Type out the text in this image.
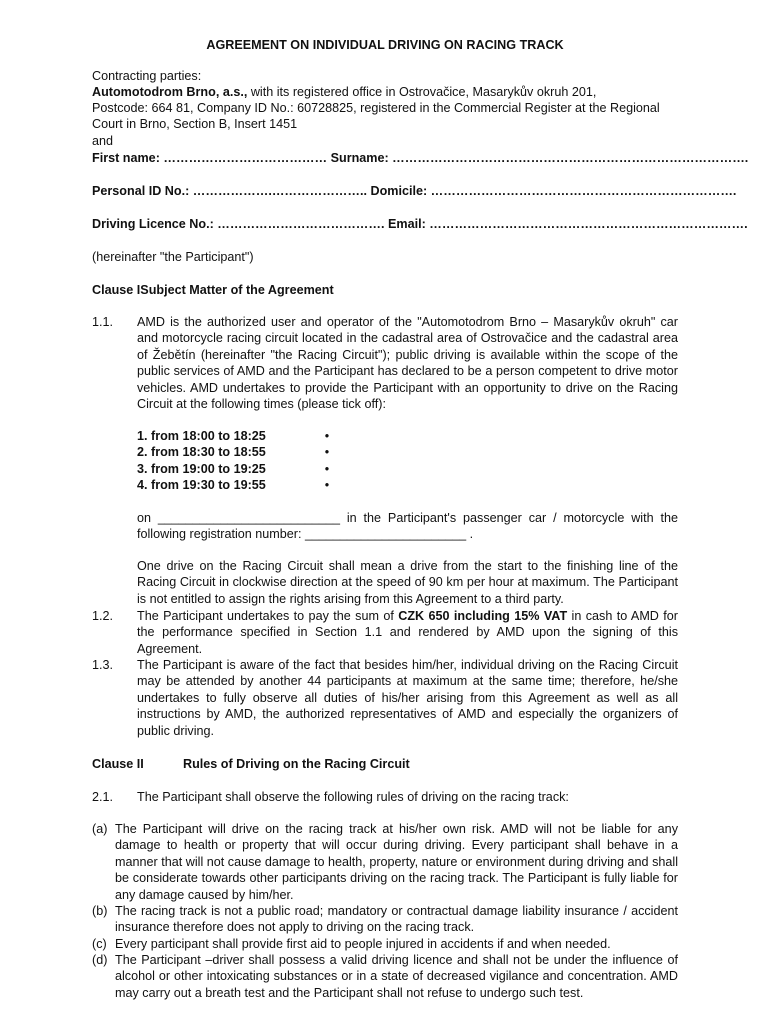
AGREEMENT ON INDIVIDUAL DRIVING ON RACING TRACK
Contracting parties:
Automotodrom Brno, a.s., with its registered office in Ostrovačice, Masarykův okruh 201,
Postcode: 664 81, Company ID No.: 60728825, registered in the Commercial Register at the Regional Court in Brno, Section B, Insert 1451
and
First name: ………………………………… Surname: ………………………………………………………………………….
Personal ID No.: ……………….………………….. Domicile: ……………………………………………………………….
Driving Licence No.: …………………………………. Email: ………………………………………………………………….
(hereinafter "the Participant")
Clause ISubject Matter of the Agreement
1.1. AMD is the authorized user and operator of the "Automotodrom Brno – Masarykův okruh" car and motorcycle racing circuit located in the cadastral area of Ostrovačice and the cadastral area of Žebětín (hereinafter "the Racing Circuit"); public driving is available within the scope of the public services of AMD and the Participant has declared to be a person competent to drive motor vehicles. AMD undertakes to provide the Participant with an opportunity to drive on the Racing Circuit at the following times (please tick off):
1. from 18:00 to 18:25	•
2. from 18:30 to 18:55	•
3. from 19:00 to 19:25	•
4. from 19:30 to 19:55	•
on __________________________ in the Participant's passenger car / motorcycle with the following registration number: _______________________ .
One drive on the Racing Circuit shall mean a drive from the start to the finishing line of the Racing Circuit in clockwise direction at the speed of 90 km per hour at maximum. The Participant is not entitled to assign the rights arising from this Agreement to a third party.
1.2. The Participant undertakes to pay the sum of CZK 650 including 15% VAT in cash to AMD for the performance specified in Section 1.1 and rendered by AMD upon the signing of this Agreement.
1.3. The Participant is aware of the fact that besides him/her, individual driving on the Racing Circuit may be attended by another 44 participants at maximum at the same time; therefore, he/she undertakes to fully observe all duties of his/her arising from this Agreement as well as all instructions by AMD, the authorized representatives of AMD and especially the organizers of public driving.
Clause II	Rules of Driving on the Racing Circuit
2.1. The Participant shall observe the following rules of driving on the racing track:
(a) The Participant will drive on the racing track at his/her own risk. AMD will not be liable for any damage to health or property that will occur during driving. Every participant shall behave in a manner that will not cause damage to health, property, nature or environment during driving and shall be considerate towards other participants driving on the racing track. The Participant is fully liable for any damage caused by him/her.
(b) The racing track is not a public road; mandatory or contractual damage liability insurance / accident insurance therefore does not apply to driving on the racing track.
(c) Every participant shall provide first aid to people injured in accidents if and when needed.
(d) The Participant –driver shall possess a valid driving licence and shall not be under the influence of alcohol or other intoxicating substances or in a state of decreased vigilance and concentration. AMD may carry out a breath test and the Participant shall not refuse to undergo such test.
